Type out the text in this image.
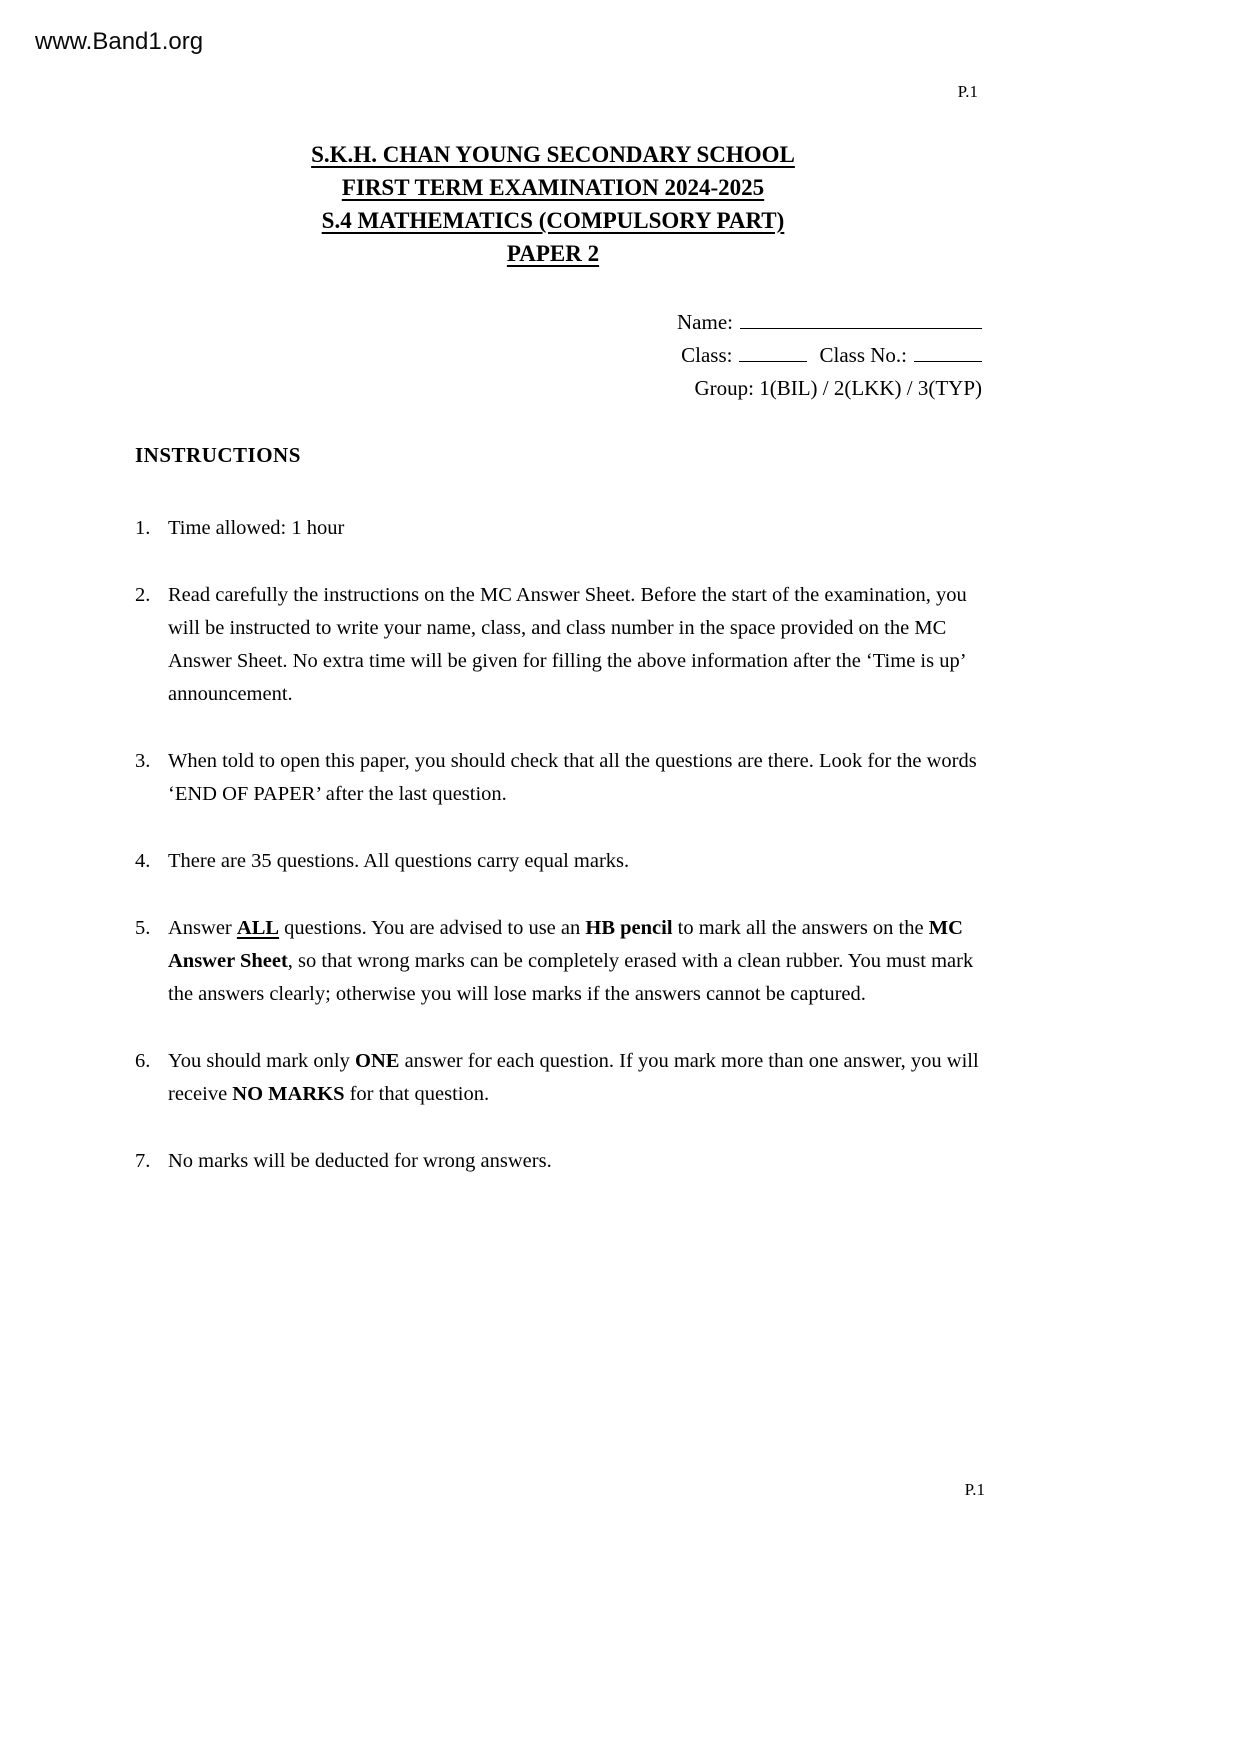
www.Band1.org
P.1
S.K.H. CHAN YOUNG SECONDARY SCHOOL
FIRST TERM EXAMINATION 2024-2025
S.4 MATHEMATICS (COMPULSORY PART)
PAPER 2
Name:
Class:	Class No.:
Group: 1(BIL) / 2(LKK) / 3(TYP)
INSTRUCTIONS
1. Time allowed: 1 hour
2. Read carefully the instructions on the MC Answer Sheet. Before the start of the examination, you will be instructed to write your name, class, and class number in the space provided on the MC Answer Sheet. No extra time will be given for filling the above information after the ‘Time is up’ announcement.
3. When told to open this paper, you should check that all the questions are there. Look for the words ‘END OF PAPER’ after the last question.
4. There are 35 questions. All questions carry equal marks.
5. Answer ALL questions. You are advised to use an HB pencil to mark all the answers on the MC Answer Sheet, so that wrong marks can be completely erased with a clean rubber. You must mark the answers clearly; otherwise you will lose marks if the answers cannot be captured.
6. You should mark only ONE answer for each question. If you mark more than one answer, you will receive NO MARKS for that question.
7. No marks will be deducted for wrong answers.
P.1
